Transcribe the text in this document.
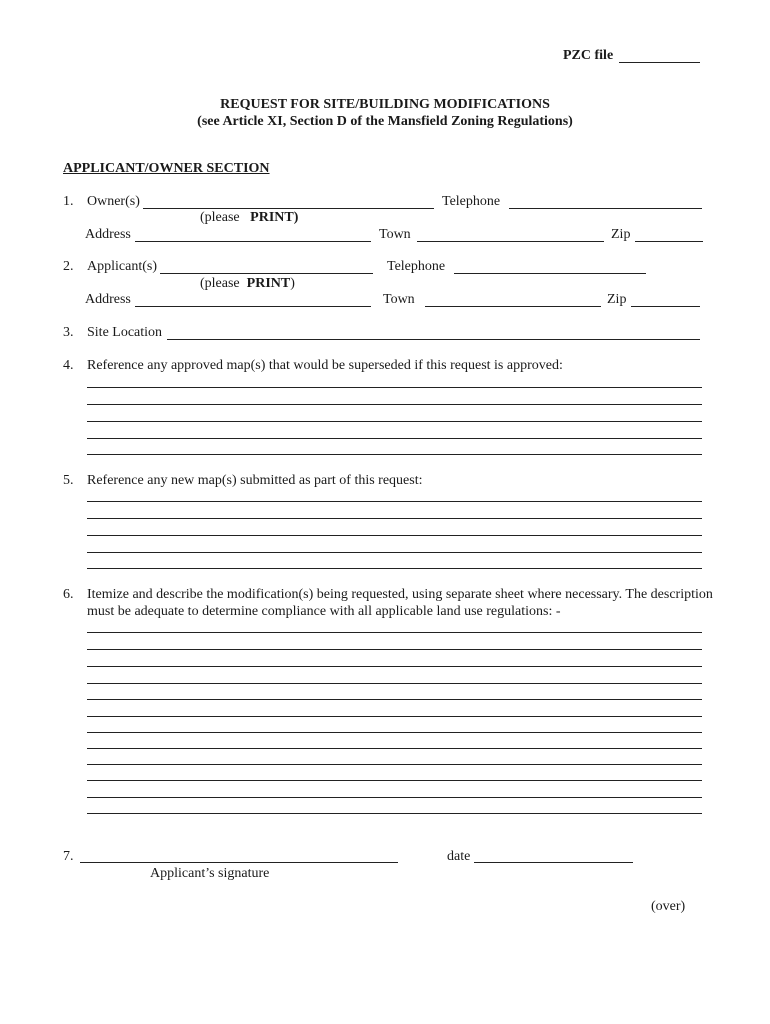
PZC file
REQUEST FOR SITE/BUILDING MODIFICATIONS
(see Article XI, Section D of the Mansfield Zoning Regulations)
APPLICANT/OWNER SECTION
1. Owner(s)	Telephone
(please PRINT)
Address	Town	Zip
2. Applicant(s)	Telephone
(please PRINT)
Address	Town	Zip
3. Site Location
4. Reference any approved map(s) that would be superseded if this request is approved:
5. Reference any new map(s) submitted as part of this request:
6. Itemize and describe the modification(s) being requested, using separate sheet where necessary. The description
must be adequate to determine compliance with all applicable land use regulations: -
7.
Applicant’s signature
date
(over)
